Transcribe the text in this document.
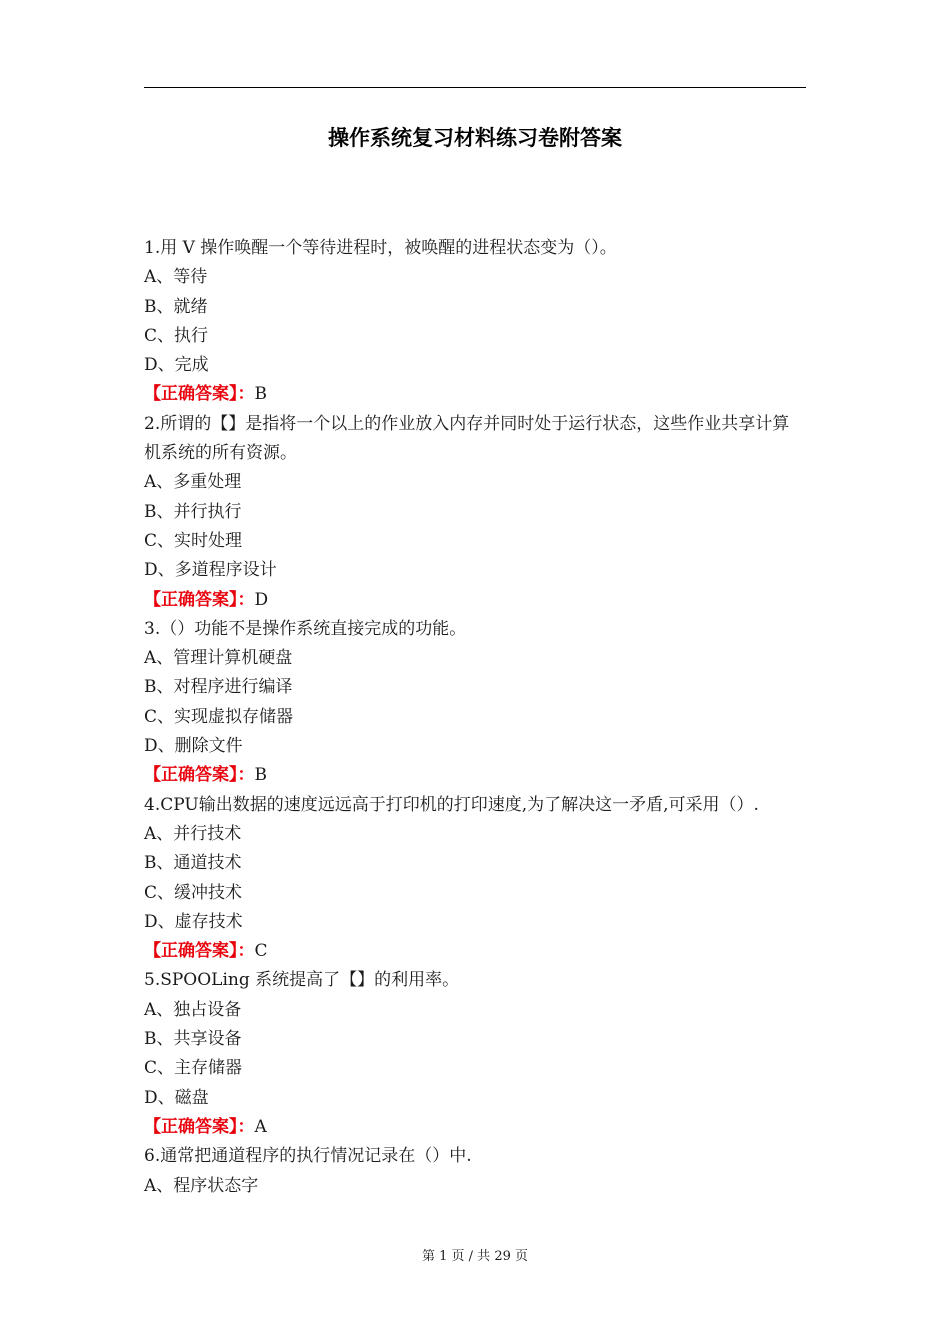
操作系统复习材料练习卷附答案

1.用 V 操作唤醒一个等待进程时，被唤醒的进程状态变为（）。

A、等待

B、就绪

C、执行

D、完成

【正确答案】：B

2.所谓的【】是指将一个以上的作业放入内存并同时处于运行状态，这些作业共享计算机系统的所有资源。

A、多重处理

B、并行执行

C、实时处理

D、多道程序设计

【正确答案】：D

3.（）功能不是操作系统直接完成的功能。

A、管理计算机硬盘

B、对程序进行编译

C、实现虚拟存储器

D、删除文件

【正确答案】：B

4.CPU输出数据的速度远远高于打印机的打印速度,为了解决这一矛盾,可采用（）.

A、并行技术

B、通道技术

C、缓冲技术

D、虚存技术

【正确答案】：C

5.SPOOLing 系统提高了【】的利用率。

A、独占设备

B、共享设备

C、主存储器

D、磁盘

【正确答案】：A

6.通常把通道程序的执行情况记录在（）中.

A、程序状态字

第 1 页 / 共 29 页
